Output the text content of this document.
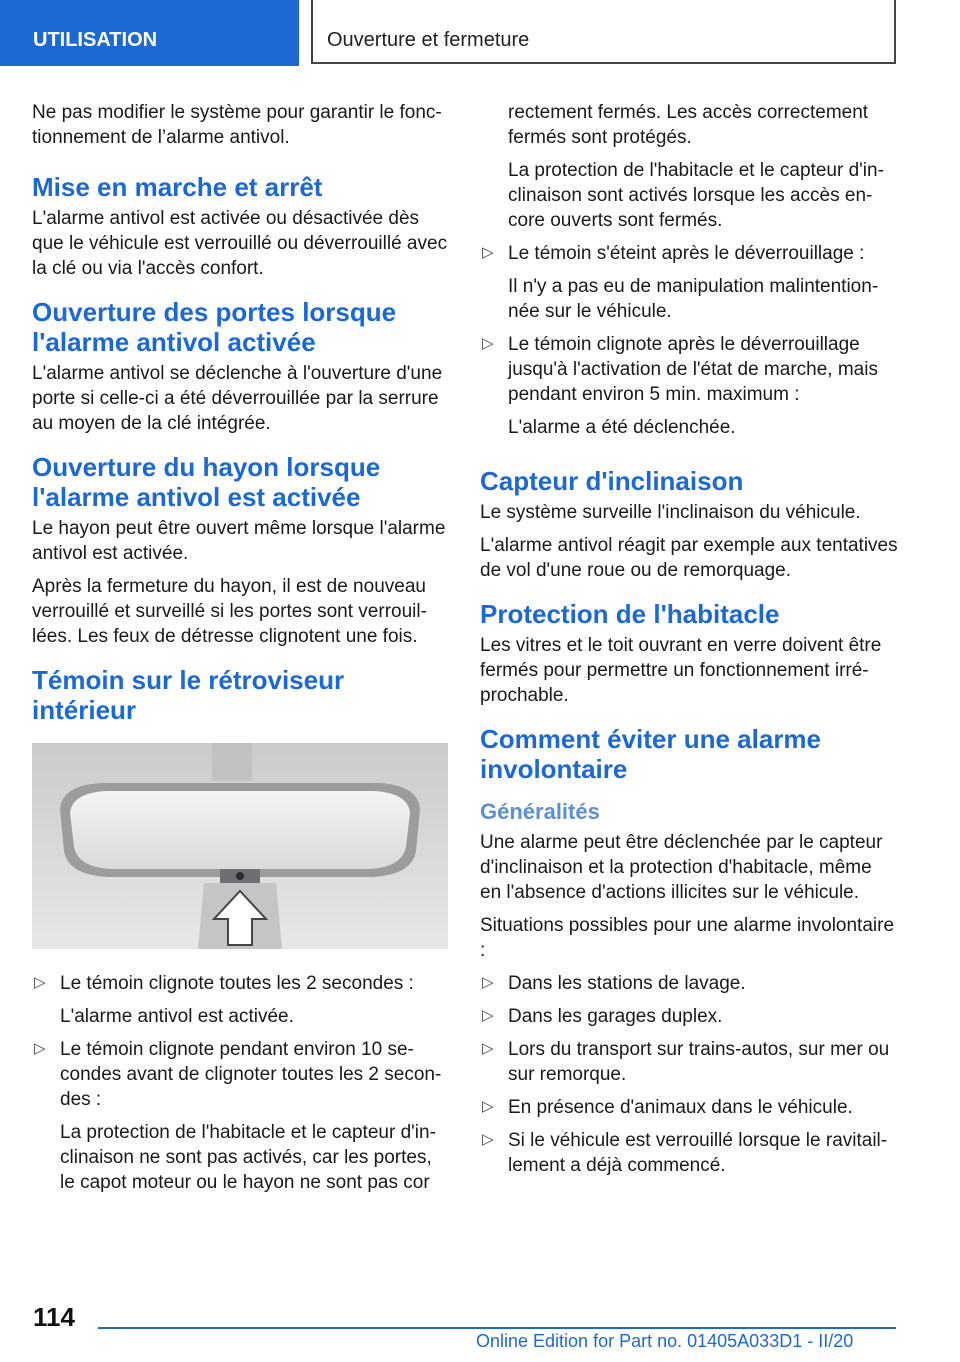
UTILISATION	Ouverture et fermeture

Ne pas modifier le système pour garantir le fonctionnement de l’alarme antivol.

Mise en marche et arrêt

L'alarme antivol est activée ou désactivée dès que le véhicule est verrouillé ou déverrouillé avec la clé ou via l'accès confort.

Ouverture des portes lorsque l'alarme antivol activée

L'alarme antivol se déclenche à l'ouverture d'une porte si celle-ci a été déverrouillée par la serrure au moyen de la clé intégrée.

Ouverture du hayon lorsque l'alarme antivol est activée

Le hayon peut être ouvert même lorsque l'alarme antivol est activée.

Après la fermeture du hayon, il est de nouveau verrouillé et surveillé si les portes sont verrouillées. Les feux de détresse clignotent une fois.

Témoin sur le rétroviseur intérieur
▷ Le témoin clignote toutes les 2 secondes :

L'alarme antivol est activée.

▷ Le témoin clignote pendant environ 10 secondes avant de clignoter toutes les 2 secondes :

La protection de l'habitacle et le capteur d'inclinaison ne sont pas activés, car les portes, le capot moteur ou le hayon ne sont pas cor

rectement fermés. Les accès correctement fermés sont protégés.

La protection de l'habitacle et le capteur d'inclinaison sont activés lorsque les accès encore ouverts sont fermés.

▷ Le témoin s'éteint après le déverrouillage :

Il n'y a pas eu de manipulation malintentionnée sur le véhicule.

▷ Le témoin clignote après le déverrouillage jusqu'à l'activation de l'état de marche, mais pendant environ 5 min. maximum :

L'alarme a été déclenchée.

Capteur d'inclinaison

Le système surveille l'inclinaison du véhicule.

L'alarme antivol réagit par exemple aux tentatives de vol d'une roue ou de remorquage.

Protection de l'habitacle

Les vitres et le toit ouvrant en verre doivent être fermés pour permettre un fonctionnement irréprochable.

Comment éviter une alarme involontaire
Généralités

Une alarme peut être déclenchée par le capteur d'inclinaison et la protection d'habitacle, même en l'absence d'actions illicites sur le véhicule.

Situations possibles pour une alarme involontaire :

▷ Dans les stations de lavage.

▷ Dans les garages duplex.

▷ Lors du transport sur trains-autos, sur mer ou sur remorque.

▷ En présence d'animaux dans le véhicule.

▷ Si le véhicule est verrouillé lorsque le ravitaillement a déjà commencé.

114
Online Edition for Part no. 01405A033D1 - II/20
